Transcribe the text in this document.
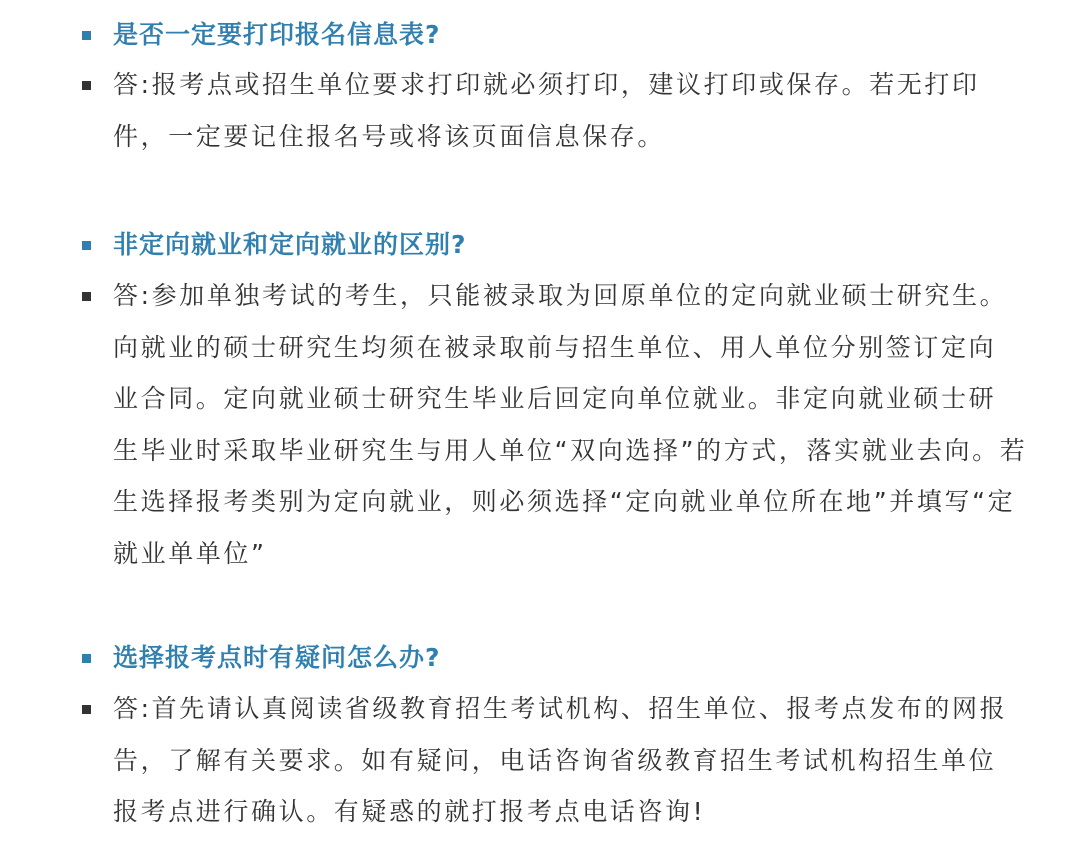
是否一定要打印报名信息表?
答:报考点或招生单位要求打印就必须打印，建议打印或保存。若无打印
件，一定要记住报名号或将该页面信息保存。
非定向就业和定向就业的区别?
答:参加单独考试的考生，只能被录取为回原单位的定向就业硕士研究生。
向就业的硕士研究生均须在被录取前与招生单位、用人单位分别签订定向
业合同。定向就业硕士研究生毕业后回定向单位就业。非定向就业硕士研
生毕业时采取毕业研究生与用人单位“双向选择”的方式，落实就业去向。若
生选择报考类别为定向就业，则必须选择“定向就业单位所在地”并填写“定
就业单单位”
选择报考点时有疑问怎么办?
答:首先请认真阅读省级教育招生考试机构、招生单位、报考点发布的网报
告，了解有关要求。如有疑问，电话咨询省级教育招生考试机构招生单位
报考点进行确认。有疑惑的就打报考点电话咨询!
